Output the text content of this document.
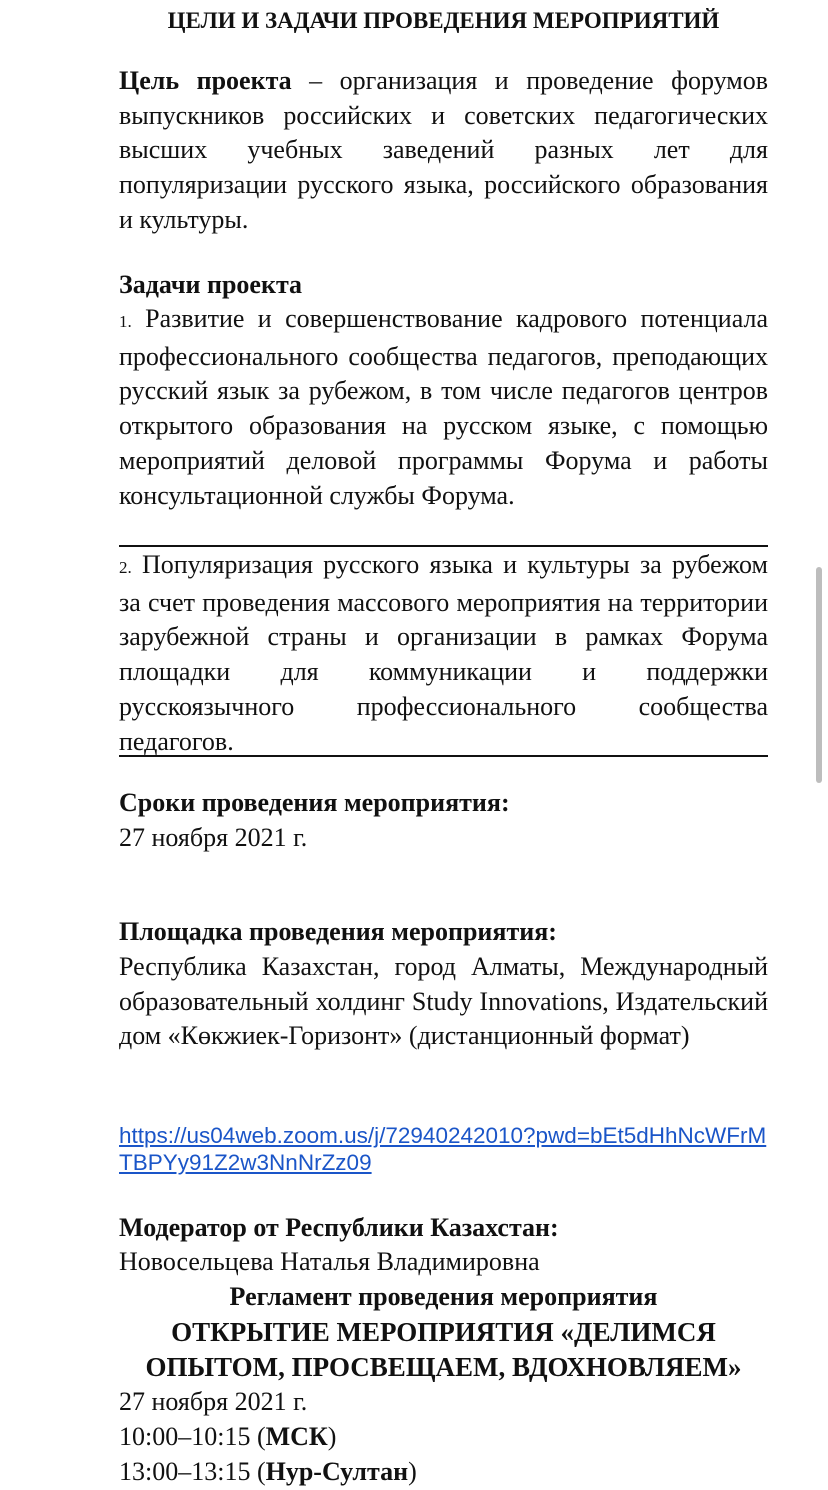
ЦЕЛИ И ЗАДАЧИ ПРОВЕДЕНИЯ МЕРОПРИЯТИЙ
Цель проекта – организация и проведение форумов выпускников российских и советских педагогических высших учебных заведений разных лет для популяризации русского языка, российского образования и культуры.
Задачи проекта
1. Развитие и совершенствование кадрового потенциала профессионального сообщества педагогов, преподающих русский язык за рубежом, в том числе педагогов центров открытого образования на русском языке, с помощью мероприятий деловой программы Форума и работы консультационной службы Форума.
2. Популяризация русского языка и культуры за рубежом за счет проведения массового мероприятия на территории зарубежной страны и организации в рамках Форума площадки для коммуникации и поддержки русскоязычного профессионального сообщества педагогов.
Сроки проведения мероприятия:
27 ноября 2021 г.
Площадка проведения мероприятия:
Республика Казахстан, город Алматы, Международный образовательный холдинг Study Innovations, Издательский дом «Көкжиек-Горизонт» (дистанционный формат)
https://us04web.zoom.us/j/72940242010?pwd=bEt5dHhNcWFrMTBPYy91Z2w3NnNrZz09
Модератор от Республики Казахстан:
Новосельцева Наталья Владимировна
Регламент проведения мероприятия
ОТКРЫТИЕ МЕРОПРИЯТИЯ «ДЕЛИМСЯ ОПЫТОМ, ПРОСВЕЩАЕМ, ВДОХНОВЛЯЕМ»
27 ноября 2021 г.
10:00–10:15 (МСК)
13:00–13:15 (Нур-Султан)
